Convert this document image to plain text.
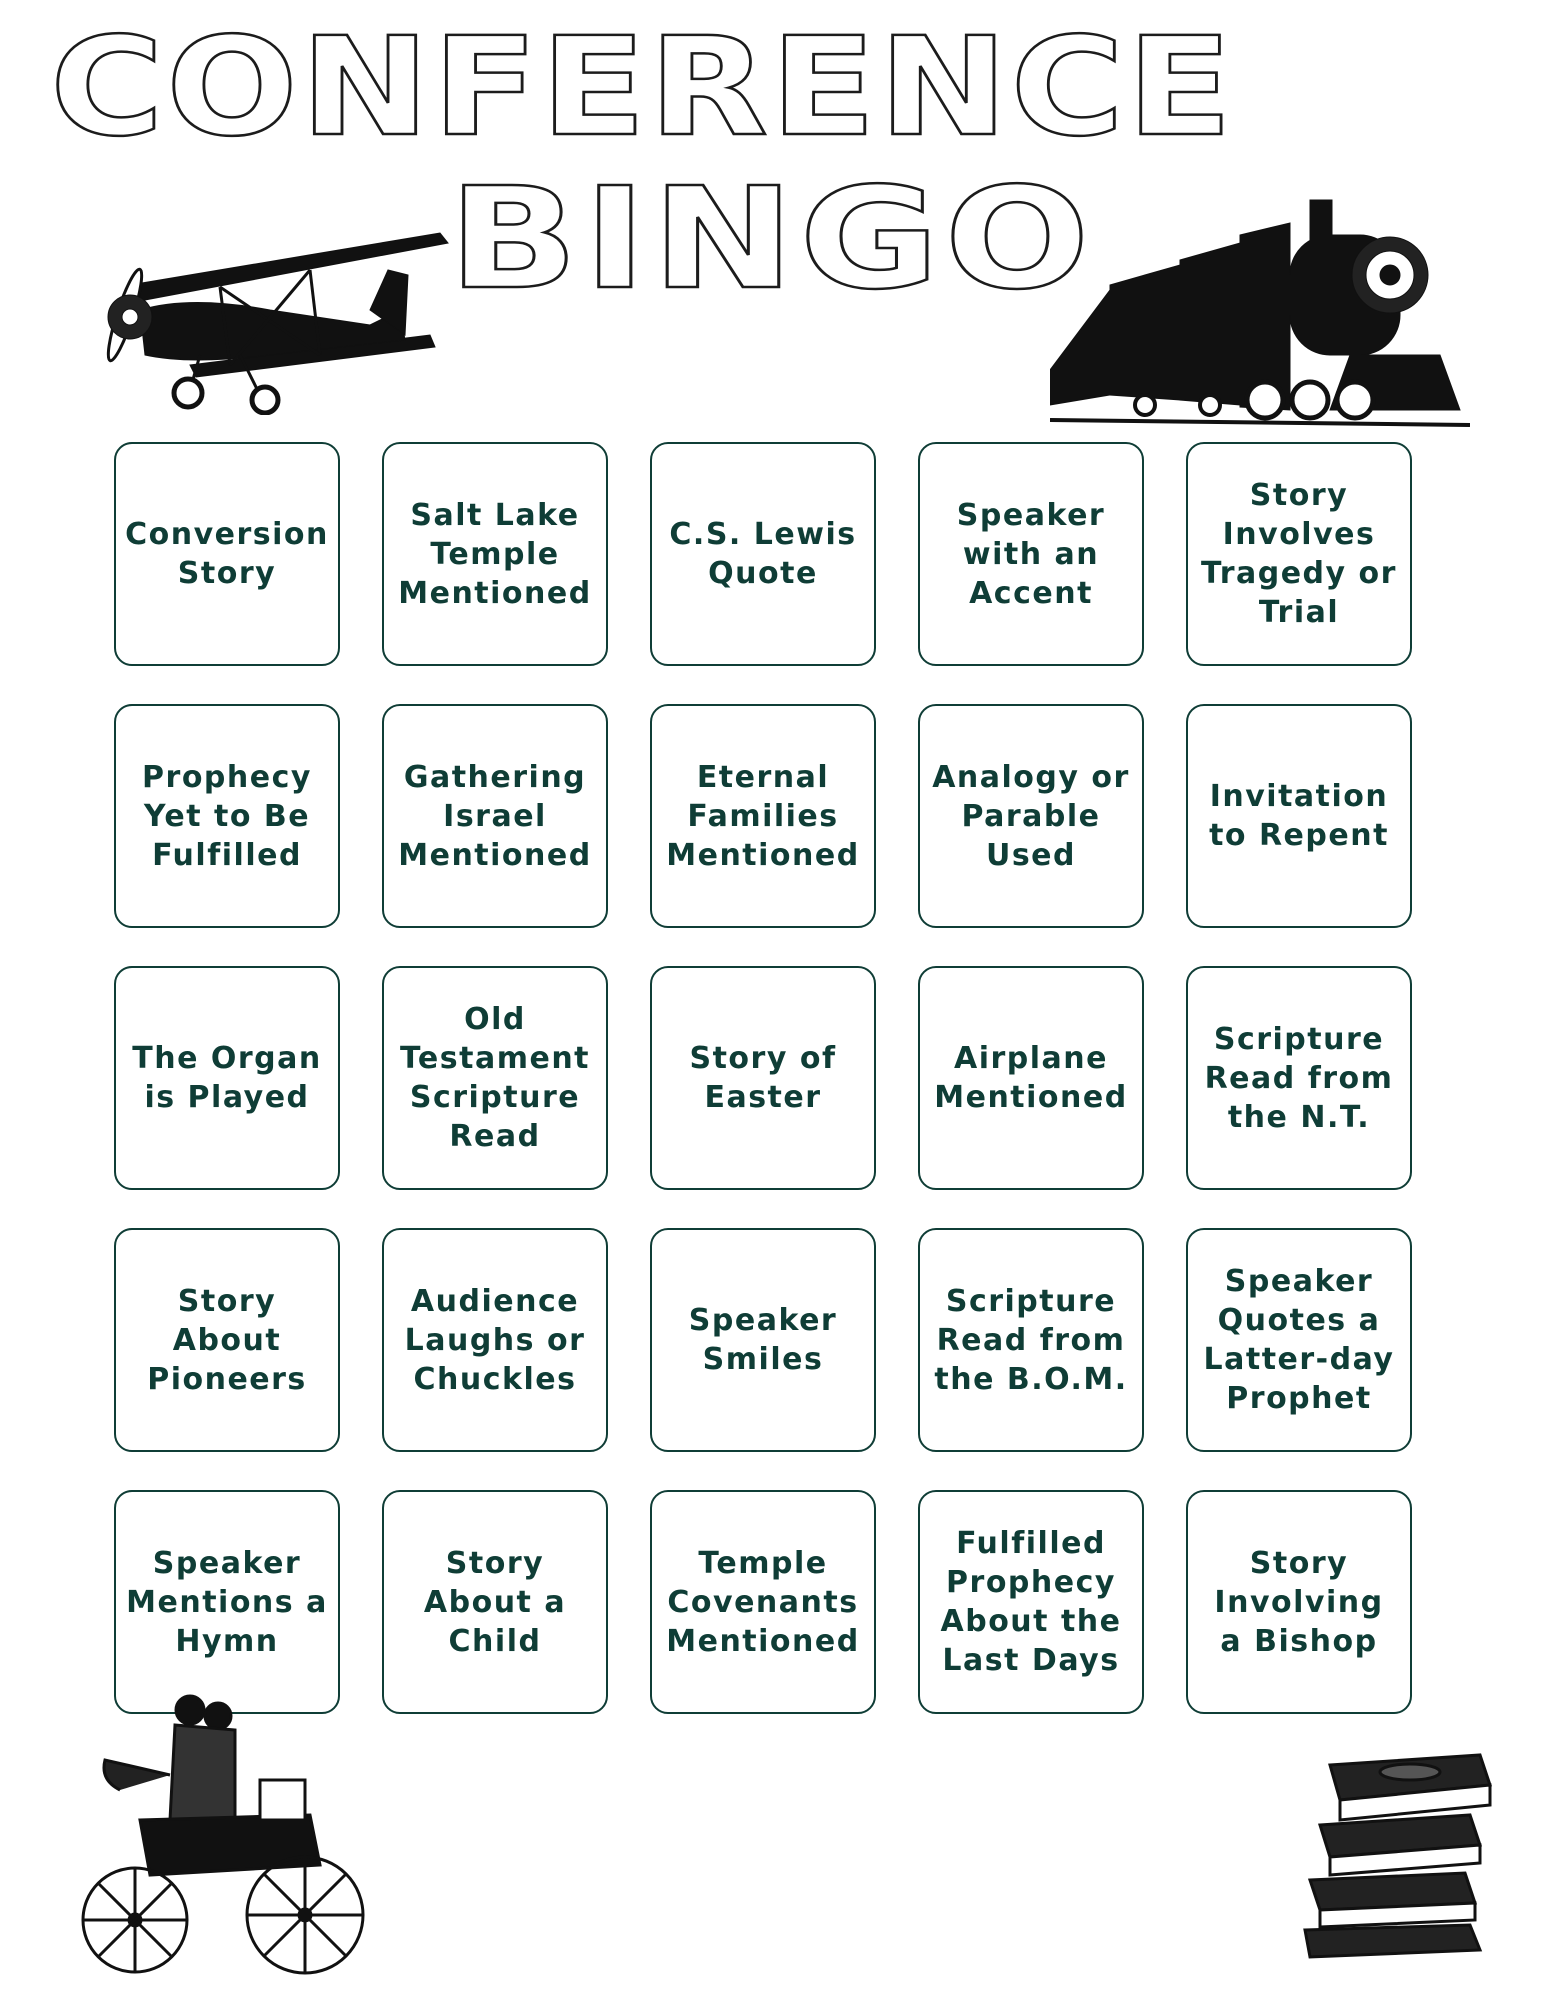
CONFERENCE
BINGO
Conversion Story
Salt Lake Temple Mentioned
C.S. Lewis Quote
Speaker with an Accent
Story Involves Tragedy or Trial
Prophecy Yet to Be Fulfilled
Gathering Israel Mentioned
Eternal Families Mentioned
Analogy or Parable Used
Invitation to Repent
The Organ is Played
Old Testament Scripture Read
Story of Easter
Airplane Mentioned
Scripture Read from the N.T.
Story About Pioneers
Audience Laughs or Chuckles
Speaker Smiles
Scripture Read from the B.O.M.
Speaker Quotes a Latter-day Prophet
Speaker Mentions a Hymn
Story About a Child
Temple Covenants Mentioned
Fulfilled Prophecy About the Last Days
Story Involving a Bishop
